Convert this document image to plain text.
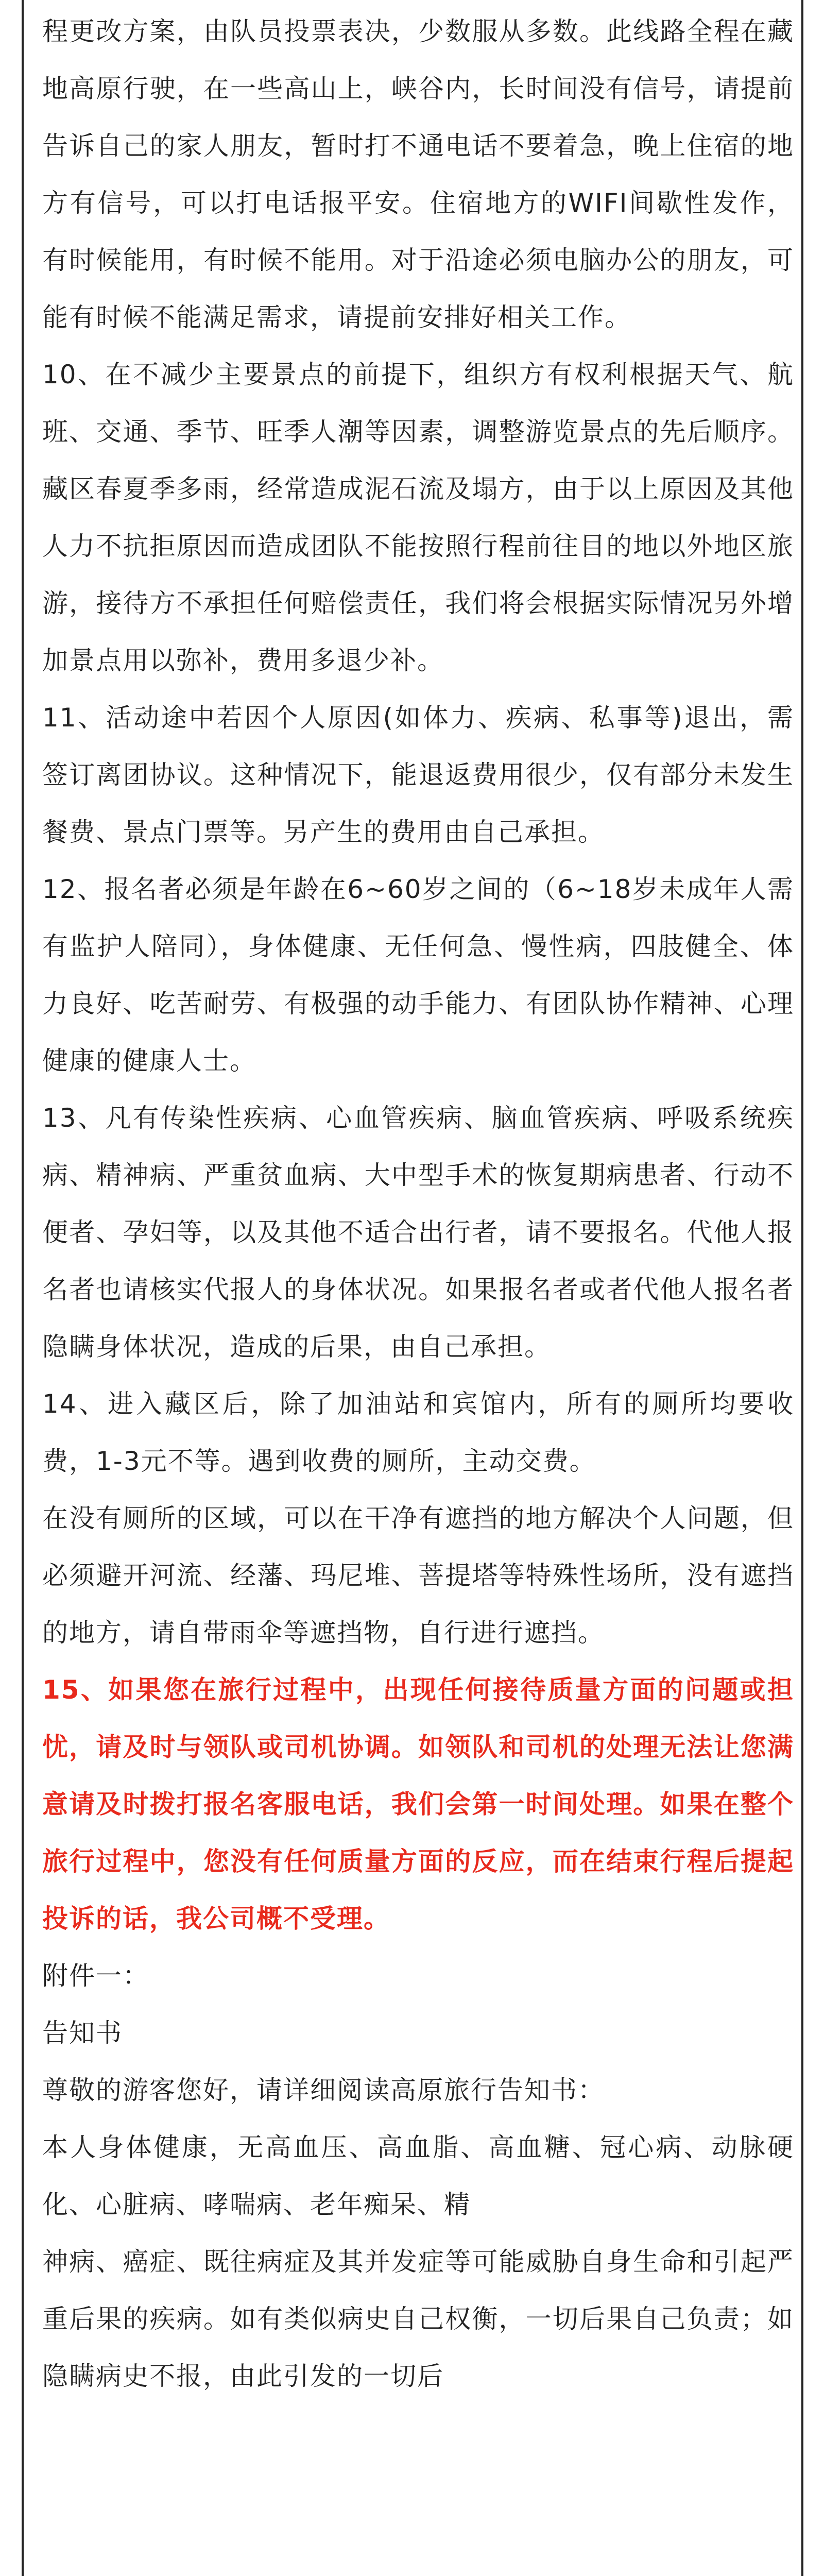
程更改方案，由队员投票表决，少数服从多数。此线路全程在藏地高原行驶，在一些高山上，峡谷内，长时间没有信号，请提前告诉自己的家人朋友，暂时打不通电话不要着急，晚上住宿的地方有信号，可以打电话报平安。住宿地方的WIFI间歇性发作，有时候能用，有时候不能用。对于沿途必须电脑办公的朋友，可能有时候不能满足需求，请提前安排好相关工作。

10、在不减少主要景点的前提下，组织方有权利根据天气、航班、交通、季节、旺季人潮等因素，调整游览景点的先后顺序。藏区春夏季多雨，经常造成泥石流及塌方，由于以上原因及其他人力不抗拒原因而造成团队不能按照行程前往目的地以外地区旅游，接待方不承担任何赔偿责任，我们将会根据实际情况另外增加景点用以弥补，费用多退少补。

11、活动途中若因个人原因(如体力、疾病、私事等)退出，需签订离团协议。这种情况下，能退返费用很少，仅有部分未发生餐费、景点门票等。另产生的费用由自己承担。

12、报名者必须是年龄在6~60岁之间的（6~18岁未成年人需有监护人陪同），身体健康、无任何急、慢性病，四肢健全、体力良好、吃苦耐劳、有极强的动手能力、有团队协作精神、心理健康的健康人士。

13、凡有传染性疾病、心血管疾病、脑血管疾病、呼吸系统疾病、精神病、严重贫血病、大中型手术的恢复期病患者、行动不便者、孕妇等，以及其他不适合出行者，请不要报名。代他人报名者也请核实代报人的身体状况。如果报名者或者代他人报名者隐瞒身体状况，造成的后果，由自己承担。

14、进入藏区后，除了加油站和宾馆内，所有的厕所均要收费，1-3元不等。遇到收费的厕所，主动交费。

在没有厕所的区域，可以在干净有遮挡的地方解决个人问题，但必须避开河流、经藩、玛尼堆、菩提塔等特殊性场所，没有遮挡的地方，请自带雨伞等遮挡物，自行进行遮挡。

15、如果您在旅行过程中，出现任何接待质量方面的问题或担忧，请及时与领队或司机协调。如领队和司机的处理无法让您满意请及时拨打报名客服电话，我们会第一时间处理。如果在整个旅行过程中，您没有任何质量方面的反应，而在结束行程后提起投诉的话，我公司概不受理。

附件一：

告知书

尊敬的游客您好，请详细阅读高原旅行告知书：

本人身体健康，无高血压、高血脂、高血糖、冠心病、动脉硬化、心脏病、哮喘病、老年痴呆、精

神病、癌症、既往病症及其并发症等可能威胁自身生命和引起严重后果的疾病。如有类似病史自己权衡，一切后果自己负责；如隐瞒病史不报，由此引发的一切后
